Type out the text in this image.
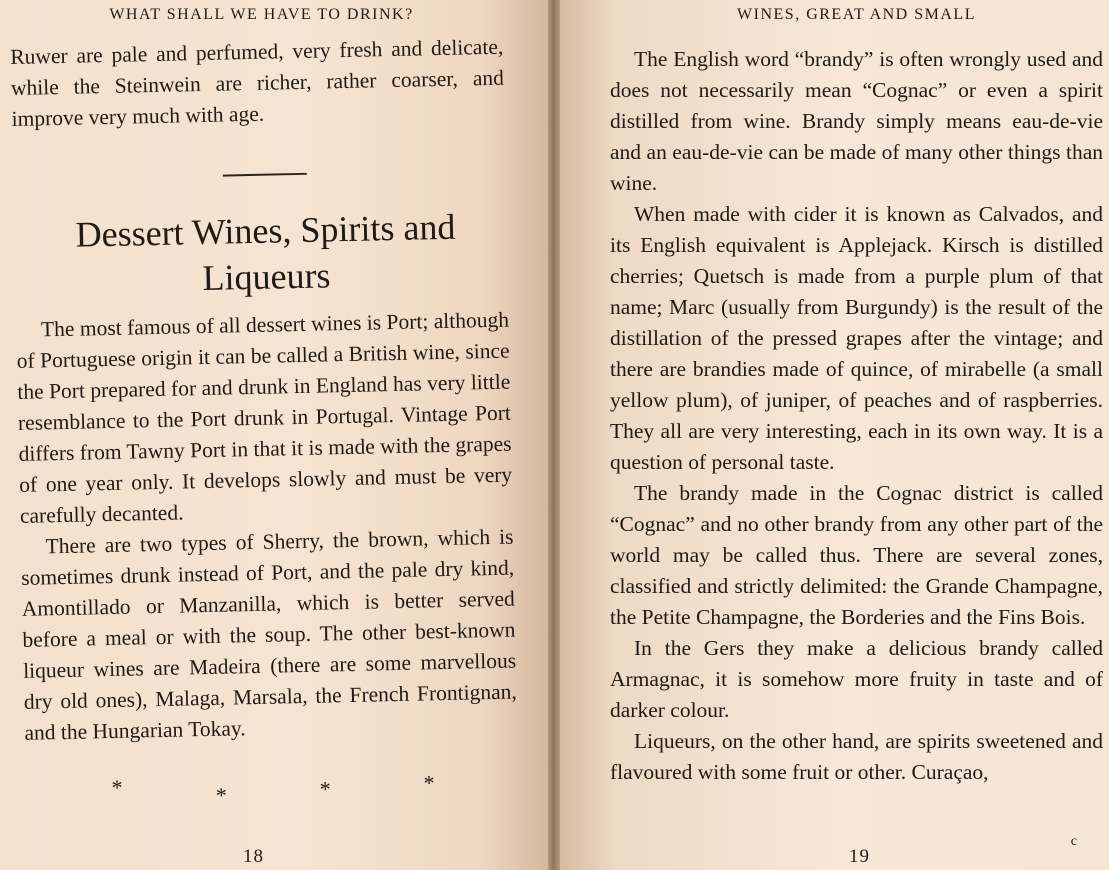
WHAT SHALL WE HAVE TO DRINK?

Ruwer are pale and perfumed, very fresh and delicate, while the Steinwein are richer, rather coarser, and improve very much with age.

Dessert Wines, Spirits and Liqueurs

The most famous of all dessert wines is Port; although of Portuguese origin it can be called a British wine, since the Port prepared for and drunk in England has very little resemblance to the Port drunk in Portugal. Vintage Port differs from Tawny Port in that it is made with the grapes of one year only. It develops slowly and must be very carefully decanted.

There are two types of Sherry, the brown, which is sometimes drunk instead of Port, and the pale dry kind, Amontillado or Manzanilla, which is better served before a meal or with the soup. The other best-known liqueur wines are Madeira (there are some marvellous dry old ones), Malaga, Marsala, the French Frontignan, and the Hungarian Tokay.

*	*	*	*
18
WINES, GREAT AND SMALL

The English word “brandy” is often wrongly used and does not necessarily mean “Cognac” or even a spirit distilled from wine. Brandy simply means eau-de-vie and an eau-de-vie can be made of many other things than wine.

When made with cider it is known as Calvados, and its English equivalent is Applejack. Kirsch is distilled cherries; Quetsch is made from a purple plum of that name; Marc (usually from Burgundy) is the result of the distillation of the pressed grapes after the vintage; and there are brandies made of quince, of mirabelle (a small yellow plum), of juniper, of peaches and of raspberries. They all are very interesting, each in its own way. It is a question of personal taste.

The brandy made in the Cognac district is called “Cognac” and no other brandy from any other part of the world may be called thus. There are several zones, classified and strictly delimited: the Grande Champagne, the Petite Champagne, the Borderies and the Fins Bois.

In the Gers they make a delicious brandy called Armagnac, it is somehow more fruity in taste and of darker colour.

Liqueurs, on the other hand, are spirits sweetened and flavoured with some fruit or other. Curaçao,

19
c
